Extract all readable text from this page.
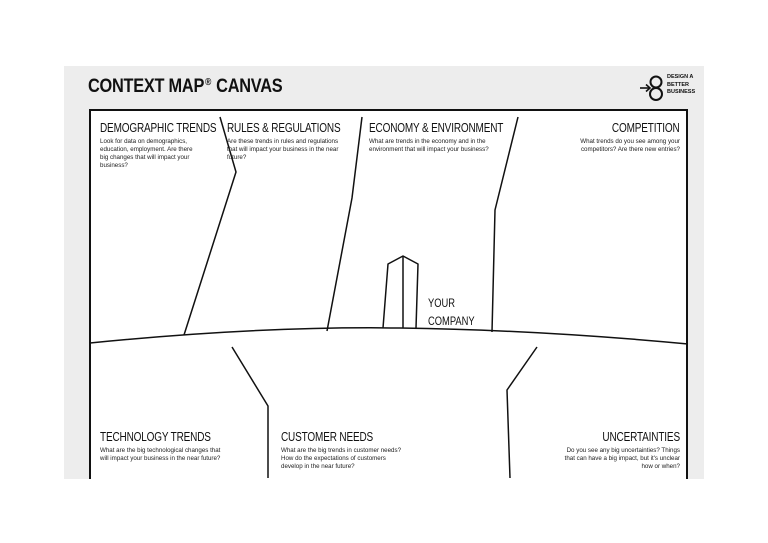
CONTEXT MAP® CANVAS	DESIGN A
BETTER
BUSINESS
DEMOGRAPHIC TRENDS
Look for data on demographics, education, employment. Are there big changes that will impact your business?
RULES & REGULATIONS
Are these trends in rules and regulations that will impact your business in the near future?
ECONOMY & ENVIRONMENT
What are trends in the economy and in the environment that will impact your business?
COMPETITION
What trends do you see among your competitors? Are there new entries?
YOUR
COMPANY
TECHNOLOGY TRENDS
What are the big technological changes that will impact your business in the near future?
CUSTOMER NEEDS
What are the big trends in customer needs? How do the expectations of customers develop in the near future?
UNCERTAINTIES
Do you see any big uncertainties? Things that can have a big impact, but it's unclear how or when?
